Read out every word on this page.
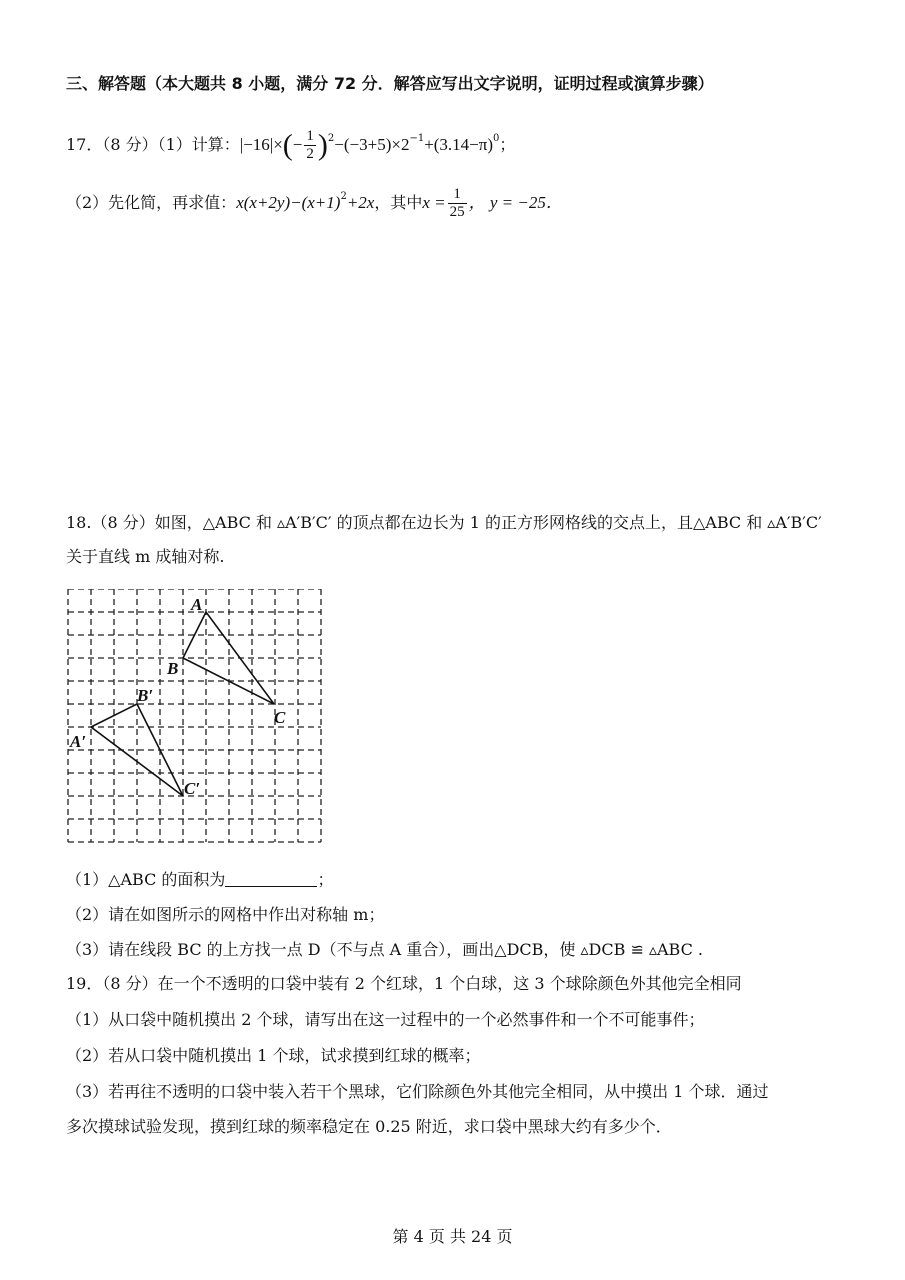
三、解答题（本大题共 8 小题，满分 72 分．解答应写出文字说明，证明过程或演算步骤）
17．（8 分）（1）计算：$|-16|\times(- \frac{1}{2} )^2-(-3+5)\times 2^{-1}+(3.14-\pi)^0$；
（2）先化简，再求值：$x(x+2y)-(x+1)^2+2x$，其中$x = \frac{1}{25}$ ， y = −25．
18.（8 分）如图，△ABC 和 ▵A′B′C′ 的顶点都在边长为 1 的正方形网格线的交点上，且△ABC 和 ▵A′B′C′
关于直线 m 成轴对称.
A
B
C
A′
B′
C′
（1）△ABC 的面积为	；
（2）请在如图所示的网格中作出对称轴 m；
（3）请在线段 BC 的上方找一点 D（不与点 A 重合），画出△DCB，使 ▵DCB ≌ ▵ABC .
19．（8 分）在一个不透明的口袋中装有 2 个红球，1 个白球，这 3 个球除颜色外其他完全相同
（1）从口袋中随机摸出 2 个球，请写出在这一过程中的一个必然事件和一个不可能事件；
（2）若从口袋中随机摸出 1 个球，试求摸到红球的概率；
（3）若再往不透明的口袋中装入若干个黑球，它们除颜色外其他完全相同，从中摸出 1 个球．通过
多次摸球试验发现，摸到红球的频率稳定在 0.25 附近，求口袋中黑球大约有多少个．
第 4 页 共 24 页
